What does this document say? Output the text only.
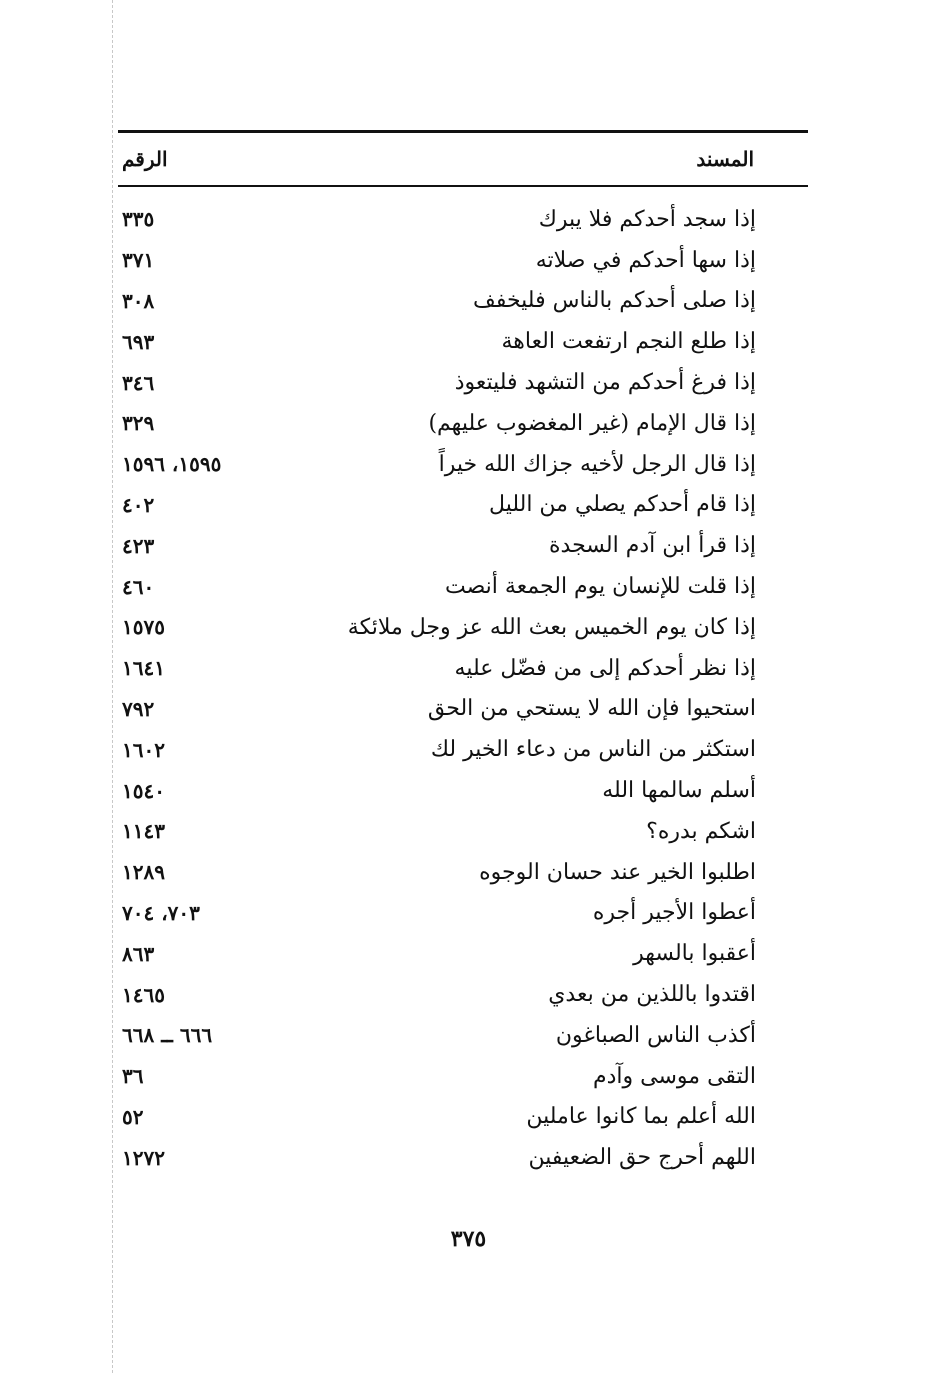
المسند
الرقم
إذا سجد أحدكم فلا يبرك
٣٣٥
إذا سها أحدكم في صلاته
٣٧١
إذا صلى أحدكم بالناس فليخفف
٣٠٨
إذا طلع النجم ارتفعت العاهة
٦٩٣
إذا فرغ أحدكم من التشهد فليتعوذ
٣٤٦
إذا قال الإمام (غير المغضوب عليهم)
٣٢٩
إذا قال الرجل لأخيه جزاك الله خيراً
١٥٩٥، ١٥٩٦
إذا قام أحدكم يصلي من الليل
٤٠٢
إذا قرأ ابن آدم السجدة
٤٢٣
إذا قلت للإنسان يوم الجمعة أنصت
٤٦٠
إذا كان يوم الخميس بعث الله عز وجل ملائكة
١٥٧٥
إذا نظر أحدكم إلى من فضّل عليه
١٦٤١
استحيوا فإن الله لا يستحي من الحق
٧٩٢
استكثر من الناس من دعاء الخير لك
١٦٠٢
أسلم سالمها الله
١٥٤٠
اشكم بدره؟
١١٤٣
اطلبوا الخير عند حسان الوجوه
١٢٨٩
أعطوا الأجير أجره
٧٠٣، ٧٠٤
أعقبوا بالسهر
٨٦٣
اقتدوا باللذين من بعدي
١٤٦٥
أكذب الناس الصباغون
٦٦٦ ــ ٦٦٨
التقى موسى وآدم
٣٦
الله أعلم بما كانوا عاملين
٥٢
اللهم أحرج حق الضعيفين
١٢٧٢
٣٧٥
